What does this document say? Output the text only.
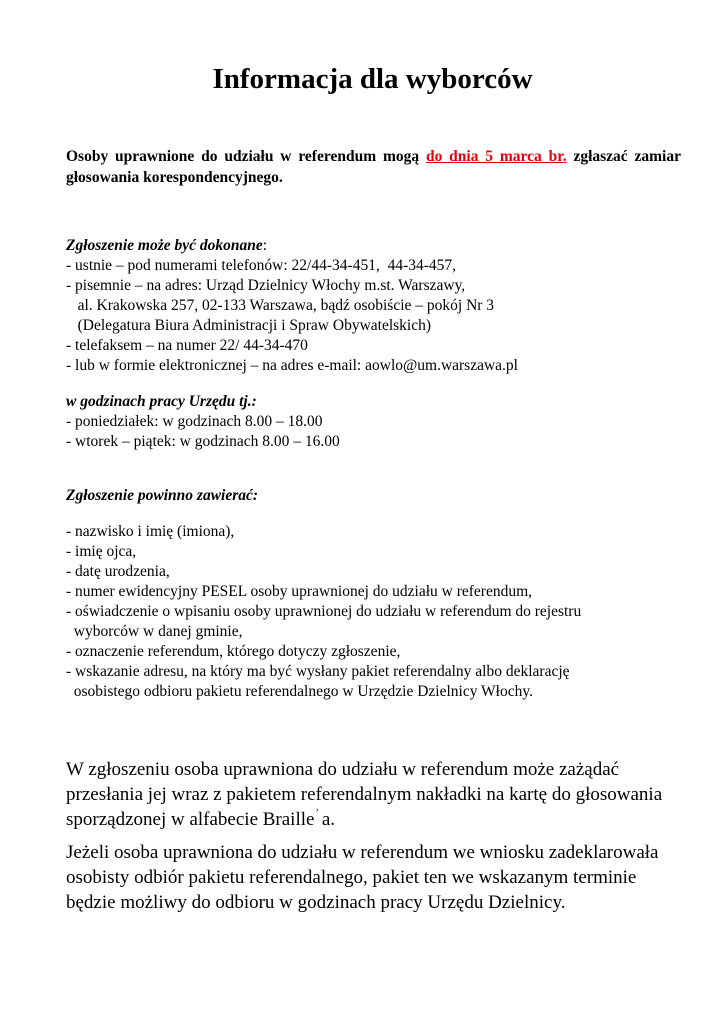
Informacja dla wyborców
Osoby uprawnione do udziału w referendum mogą do dnia 5 marca br. zgłaszać zamiar głosowania korespondencyjnego.
Zgłoszenie może być dokonane:
- ustnie – pod numerami telefonów: 22/44-34-451,  44-34-457,
- pisemnie – na adres: Urząd Dzielnicy Włochy m.st. Warszawy,
al. Krakowska 257, 02-133 Warszawa, bądź osobiście – pokój Nr 3
(Delegatura Biura Administracji i Spraw Obywatelskich)
- telefaksem – na numer 22/ 44-34-470
- lub w formie elektronicznej – na adres e-mail: aowlo@um.warszawa.pl
w godzinach pracy Urzędu tj.:
- poniedziałek: w godzinach 8.00 – 18.00
- wtorek – piątek: w godzinach 8.00 – 16.00
Zgłoszenie powinno zawierać:
- nazwisko i imię (imiona),
- imię ojca,
- datę urodzenia,
- numer ewidencyjny PESEL osoby uprawnionej do udziału w referendum,
- oświadczenie o wpisaniu osoby uprawnionej do udziału w referendum do rejestru
wyborców w danej gminie,
- oznaczenie referendum, którego dotyczy zgłoszenie,
- wskazanie adresu, na który ma być wysłany pakiet referendalny albo deklarację
osobistego odbioru pakietu referendalnego w Urzędzie Dzielnicy Włochy.
W zgłoszeniu osoba uprawniona do udziału w referendum może zażądać
przesłania jej wraz z pakietem referendalnym nakładki na kartę do głosowania
sporządzonej w alfabecie Braille’ a.
Jeżeli osoba uprawniona do udziału w referendum we wniosku zadeklarowała
osobisty odbiór pakietu referendalnego, pakiet ten we wskazanym terminie
będzie możliwy do odbioru w godzinach pracy Urzędu Dzielnicy.
